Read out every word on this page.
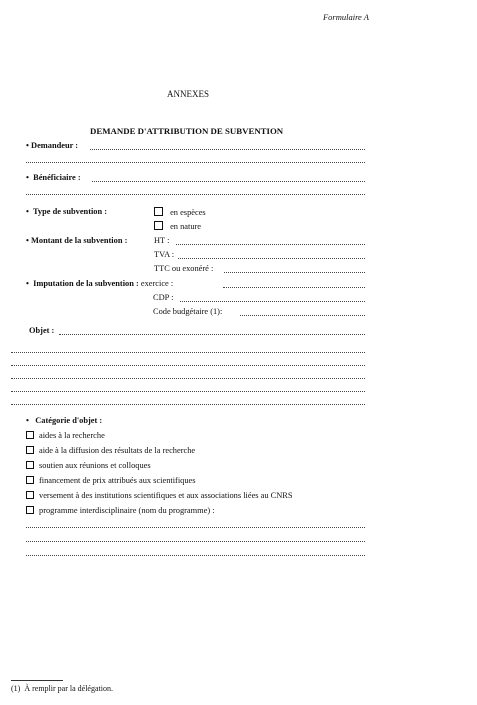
Formulaire A
ANNEXES
DEMANDE D'ATTRIBUTION DE SUBVENTION
• Demandeur :
•  Bénéficiaire :
•  Type de subvention :	en espèces
en nature
• Montant de la subvention :	HT :
TVA :
TTC ou exonéré :
•  Imputation de la subvention : exercice :
CDP :
Code budgétaire (1):
Objet :
•   Catégorie d'objet :
aides à la recherche
aide à la diffusion des résultats de la recherche
soutien aux réunions et colloques
financement de prix attribués aux scientifiques
versement à des institutions scientifiques et aux associations liées au CNRS
programme interdisciplinaire (nom du programme) :
(1) À remplir par la délégation.
